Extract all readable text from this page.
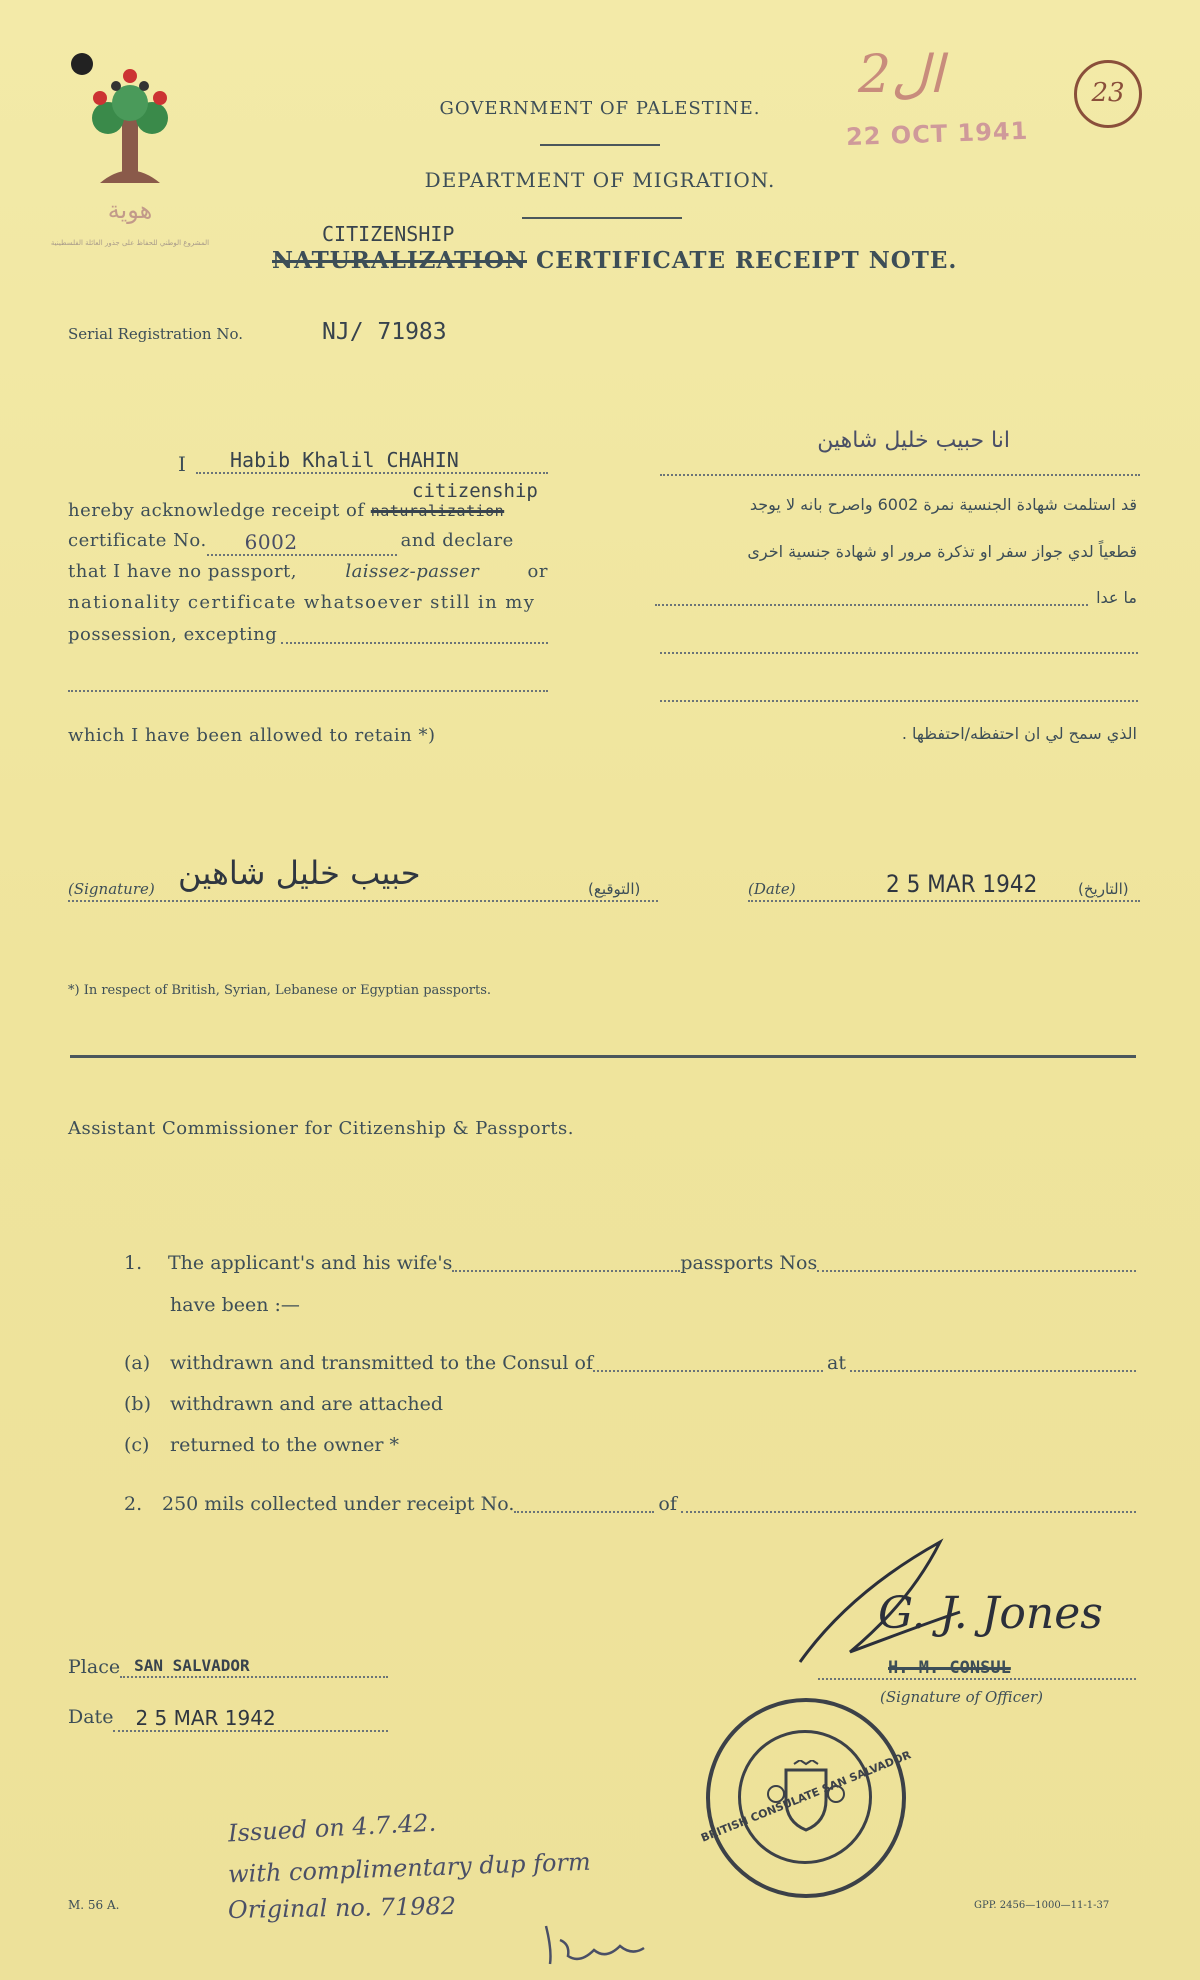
هوية
المشروع الوطني للحفاظ على جذور العائلة الفلسطينية
2ال
22 OCT 1941
23
GOVERNMENT OF PALESTINE.
DEPARTMENT OF MIGRATION.
CITIZENSHIP
NATURALIZATION CERTIFICATE RECEIPT NOTE.
Serial Registration No.	NJ/ 71983
I	Habib Khalil CHAHIN
citizenship
hereby acknowledge receipt of naturalization
certificate No.	6002	and declare
that I have no passport,	laissez-passer	or
nationality certificate whatsoever still in my
possession, excepting
which I have been allowed to retain *)
انا حبيب خليل شاهين
قد استلمت شهادة الجنسية نمرة 6002 واصرح بانه لا يوجد
قطعياً لدي جواز سفر او تذكرة مرور او شهادة جنسية اخرى
ما عدا
الذي سمح لي ان احتفظه/احتفظها .
(Signature)	(التوقيع)
حبيب خليل شاهين	(Date)	2 5 MAR 1942	(التاريخ)
*) In respect of British, Syrian, Lebanese or Egyptian passports.
Assistant Commissioner for Citizenship & Passports.
1.	The applicant's and his wife's	passports Nos
have been :—
(a)	withdrawn and transmitted to the Consul of	at
(b) withdrawn and are attached
(c) returned to the owner *
2.	250 mils collected under receipt No.	of
G. J. Jones
H. M. CONSUL
(Signature of Officer)
Place SAN SALVADOR
Date	2 5 MAR 1942
BRITISH CONSULATE SAN SALVADOR
Issued on 4.7.42.
with complimentary dup form
Original no. 71982
M. 56 A.	GPP. 2456—1000—11-1-37
